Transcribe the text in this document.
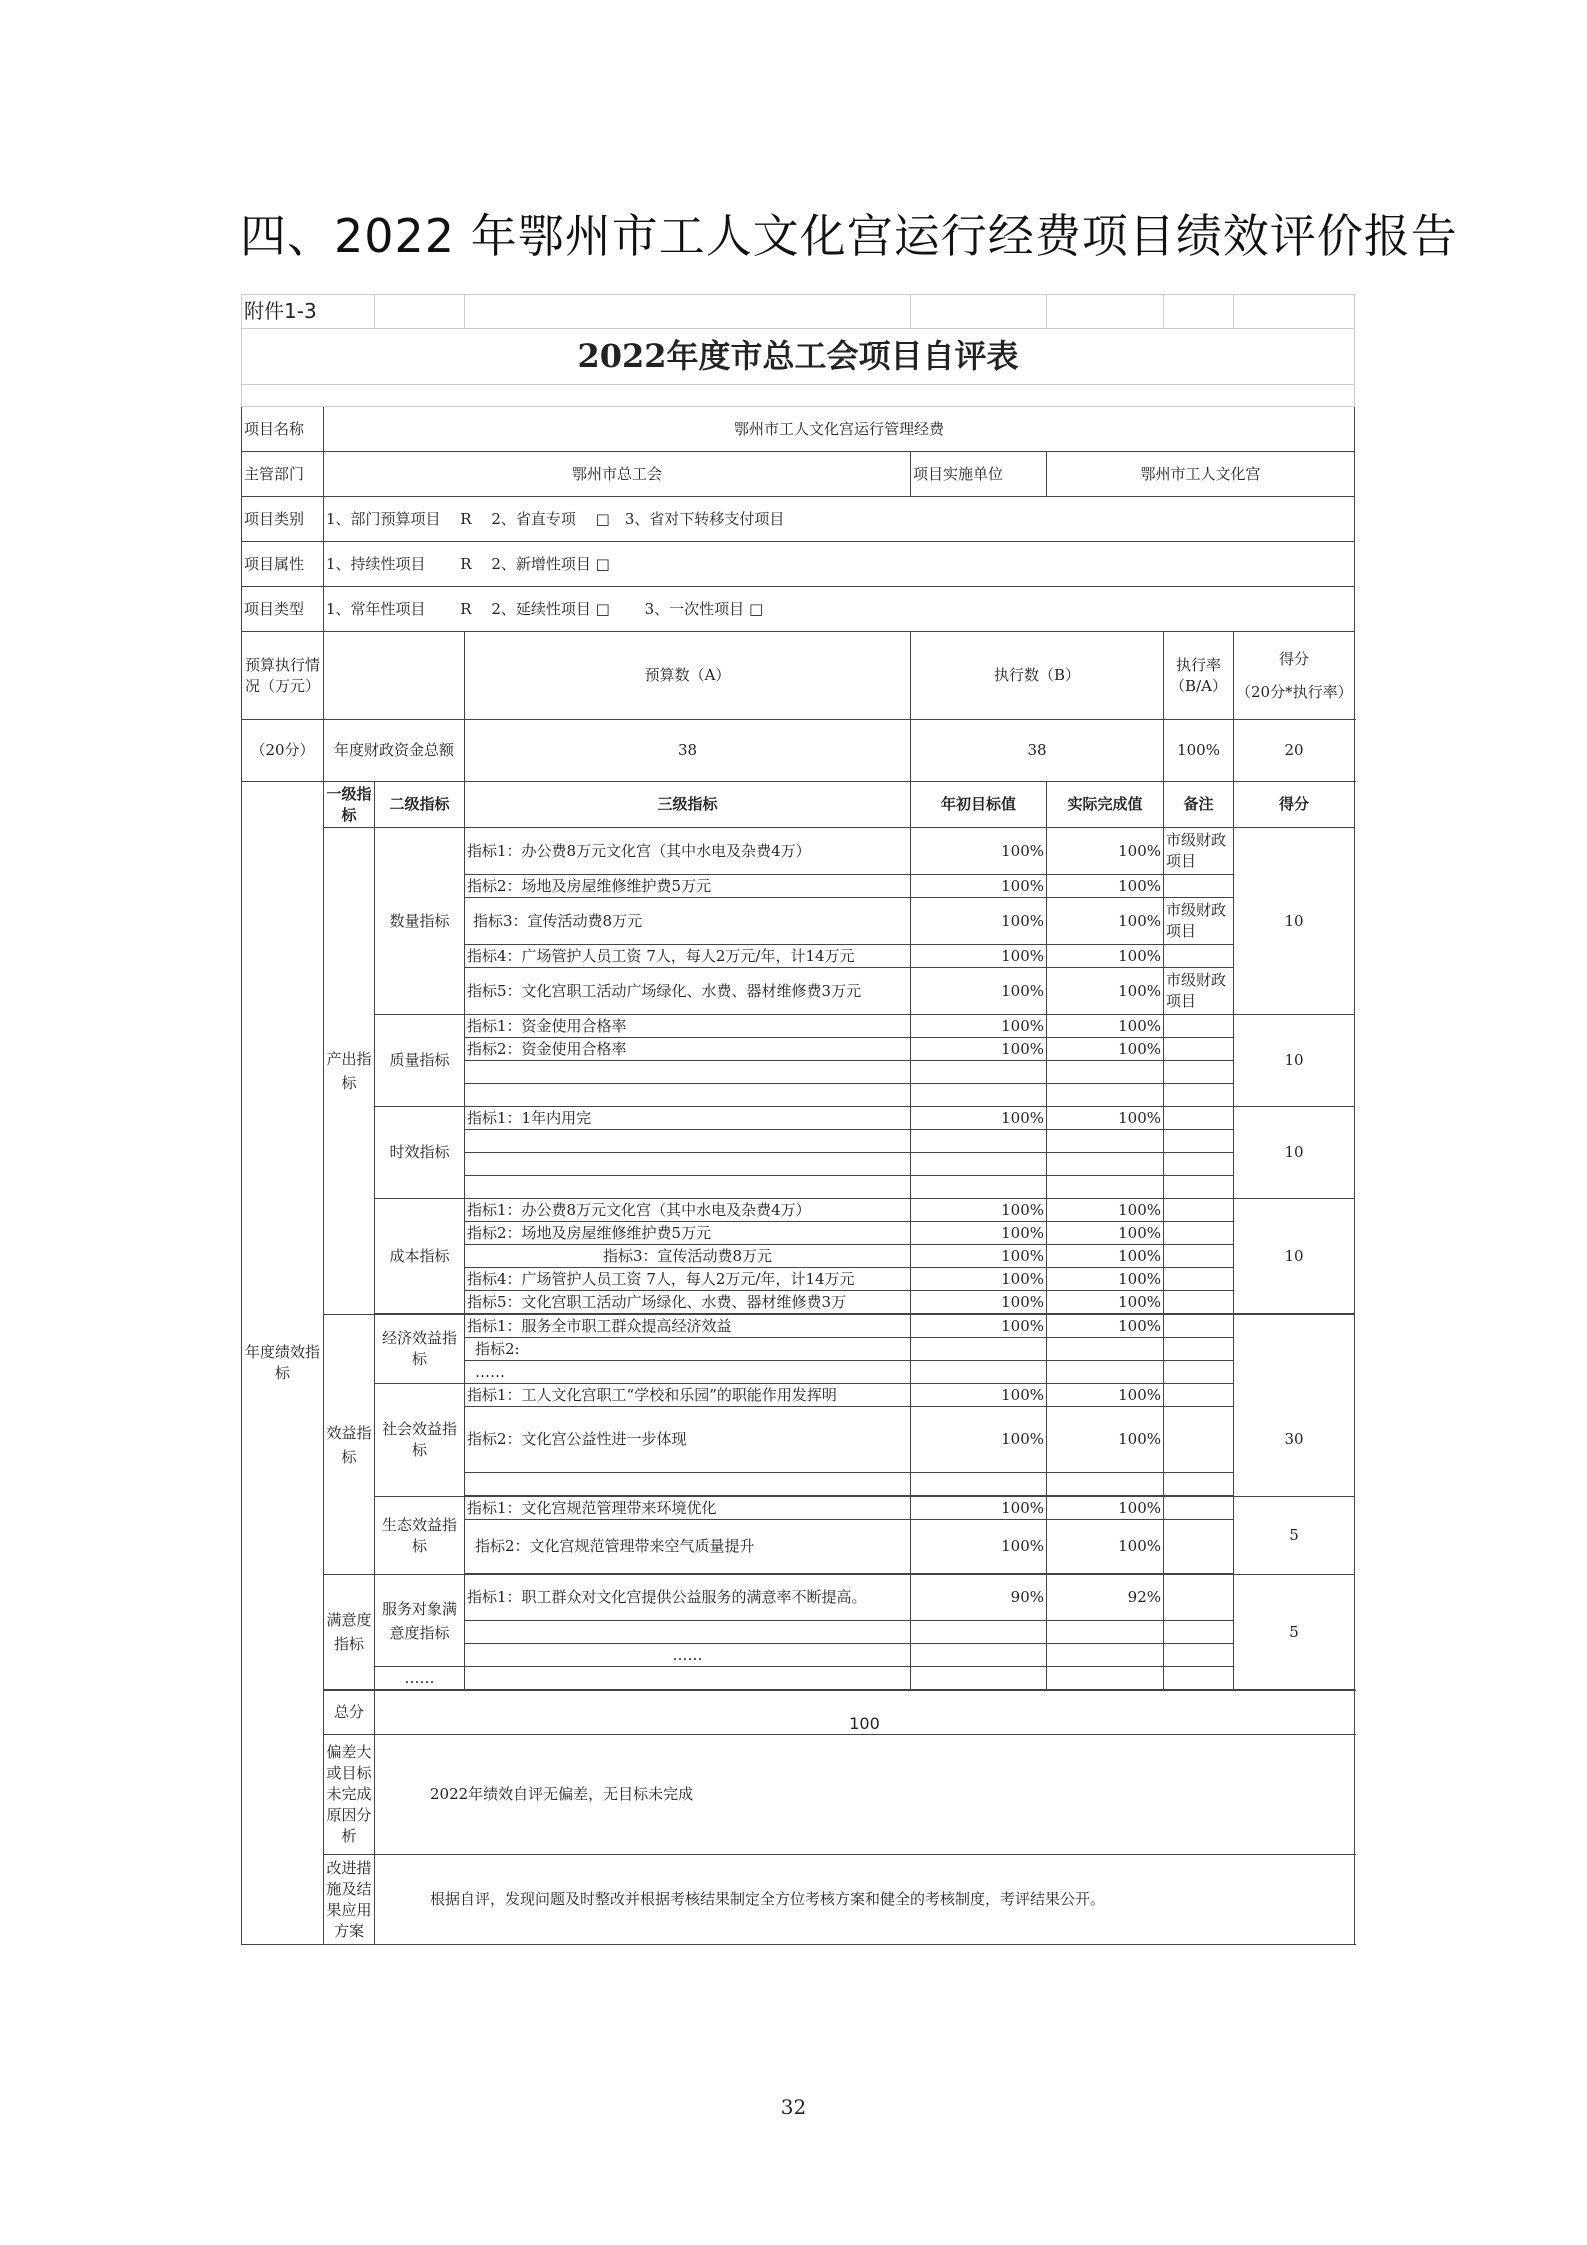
四、2022 年鄂州市工人文化宫运行经费项目绩效评价报告
附件1-3							
2022年度市总工会项目自评表							

项目名称	鄂州市工人文化宫运行管理经费						
主管部门	鄂州市总工会			项目实施单位	鄂州市工人文化宫		
项目类别	1、部门预算项目　 R　 2、省直专项　 □　3、省对下转移支付项目						
项目属性	1、持续性项目　　 R　 2、新增性项目 □						
项目类型	1、常年性项目　　 R　 2、延续性项目 □　　 3、一次性项目 □						
预算执行情况（万元）			预算数（A）	执行数（B）		执行率（B/A）	得分
（20分*执行率）

（20分）	年度财政资金总额		38	38		100%	20
年度绩效指标	一级指标	二级指标	三级指标	年初目标值	实际完成值	备注	得分
	产出指标	数量指标	指标1：办公费8万元文化宫（其中水电及杂费4万）	100%	100%	市级财政项目	10
			指标2：场地及房屋维修维护费5万元	100%	100%		
			指标3：宣传活动费8万元	100%	100%	市级财政项目	
			指标4：广场管护人员工资 7人，每人2万元/年，计14万元	100%	100%		
			指标5：文化宫职工活动广场绿化、水费、器材维修费3万元	100%	100%	市级财政项目	
		质量指标	指标1：资金使用合格率	100%	100%		10
			指标2：资金使用合格率	100%	100%		

		时效指标	指标1：1年内用完	100%	100%		10

		成本指标	指标1：办公费8万元文化宫（其中水电及杂费4万）	100%	100%		10
			指标2：场地及房屋维修维护费5万元	100%	100%		
			指标3：宣传活动费8万元	100%	100%		
			指标4：广场管护人员工资 7人，每人2万元/年，计14万元	100%	100%		
			指标5：文化宫职工活动广场绿化、水费、器材维修费3万	100%	100%		

	效益指标	经济效益指标	指标1：服务全市职工群众提高经济效益	100%	100%		
			指标2:				
			……				
		社会效益指标	指标1：工人文化宫职工“学校和乐园”的职能作用发挥明	100%	100%		30
			指标2：文化宫公益性进一步体现	100%	100%		

		生态效益指标	指标1：文化宫规范管理带来环境优化	100%	100%		5
			指标2：文化宫规范管理带来空气质量提升	100%	100%		

	满意度指标	服务对象满意度指标	指标1：职工群众对文化宫提供公益服务的满意率不断提高。	90%	92%		5

			……				
		……					

	总分	100					
	偏差大或目标未完成原因分析	2022年绩效自评无偏差，无目标未完成					
	改进措施及结果应用方案	根据自评，发现问题及时整改并根据考核结果制定全方位考核方案和健全的考核制度，考评结果公开。					
32
